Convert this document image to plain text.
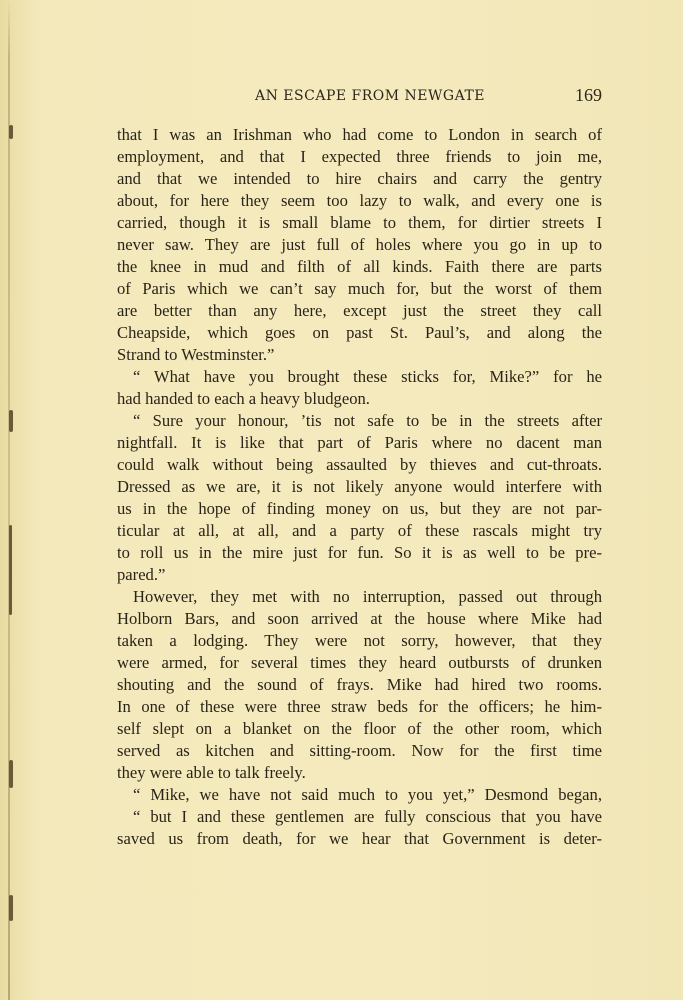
AN ESCAPE FROM NEWGATE	169
that I was an Irishman who had come to London in search of
employment, and that I expected three friends to join me,
and that we intended to hire chairs and carry the gentry
about, for here they seem too lazy to walk, and every one is
carried, though it is small blame to them, for dirtier streets I
never saw. They are just full of holes where you go in up to
the knee in mud and filth of all kinds. Faith there are parts
of Paris which we can’t say much for, but the worst of them
are better than any here, except just the street they call
Cheapside, which goes on past St. Paul’s, and along the
Strand to Westminster.”
“ What have you brought these sticks for, Mike?” for he
had handed to each a heavy bludgeon.
“ Sure your honour, ’tis not safe to be in the streets after
nightfall. It is like that part of Paris where no dacent man
could walk without being assaulted by thieves and cut-throats.
Dressed as we are, it is not likely anyone would interfere with
us in the hope of finding money on us, but they are not par-
ticular at all, at all, and a party of these rascals might try
to roll us in the mire just for fun. So it is as well to be pre-
pared.”
However, they met with no interruption, passed out through
Holborn Bars, and soon arrived at the house where Mike had
taken a lodging. They were not sorry, however, that they
were armed, for several times they heard outbursts of drunken
shouting and the sound of frays. Mike had hired two rooms.
In one of these were three straw beds for the officers; he him-
self slept on a blanket on the floor of the other room, which
served as kitchen and sitting-room. Now for the first time
they were able to talk freely.
“ Mike, we have not said much to you yet,” Desmond began,
“ but I and these gentlemen are fully conscious that you have
saved us from death, for we hear that Government is deter-
